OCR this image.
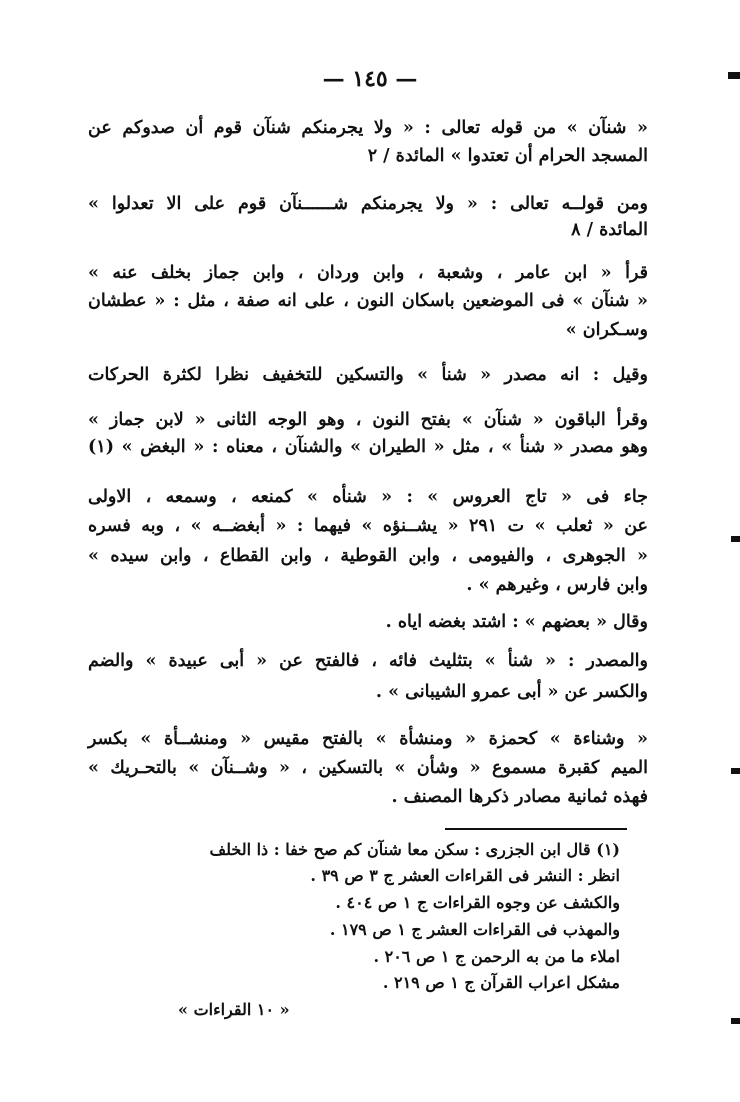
— ١٤٥ —
« شنآن » من قوله تعالى : « ولا يجرمنكم شنآن قوم أن صدوكم عن
المسجد الحرام أن تعتدوا » المائدة / ٢
ومن قولــه تعالى : « ولا يجرمنكم شــــــنآن قوم على الا تعدلوا »
المائدة / ٨
قرأ « ابن عامر ، وشعبة ، وابن وردان ، وابن جماز بخلف عنه »
« شنآن » فى الموضعين باسكان النون ، على انه صفة ، مثل : « عطشان
وسـكران »
وقيل : انه مصدر « شنأ » والتسكين للتخفيف نظرا لكثرة الحركات
وقرأ الباقون « شنآن » بفتح النون ، وهو الوجه الثانى « لابن جماز »
وهو مصدر « شنأ » ، مثل « الطيران » والشنآن ، معناه : « البغض » (١)
جاء فى « تاج العروس » : « شنأه » كمنعه ، وسمعه ، الاولى
عن « ثعلب » ت ٢٩١ « يشــنؤه » فيهما : « أبغضــه » ، وبه فسره
« الجوهرى ، والفيومى ، وابن القوطية ، وابن القطاع ، وابن سيده »
وابن فارس ، وغيرهم » .
وقال « بعضهم » : اشتد بغضه اياه .
والمصدر : « شنأ » بتثليث فائه ، فالفتح عن « أبى عبيدة » والضم
والكسر عن « أبى عمرو الشيبانى » .
« وشناءة » كحمزة « ومنشأة » بالفتح مقيس « ومنشــأة » بكسر
الميم كقبرة مسموع « وشأن » بالتسكين ، « وشــنآن » بالتحـريك »
فهذه ثمانية مصادر ذكرها المصنف .
(١) قال ابن الجزرى : سكن معا شنآن كم صح خفا : ذا الخلف
انظر : النشر فى القراءات العشر ج ٣ ص ٣٩ .
والكشف عن وجوه القراءات ج ١ ص ٤٠٤ .
والمهذب فى القراءات العشر ج ١ ص ١٧٩ .
املاء ما من به الرحمن ج ١ ص ٢٠٦ .
مشكل اعراب القرآن ج ١ ص ٢١٩ .
« ١٠ القراءات »
